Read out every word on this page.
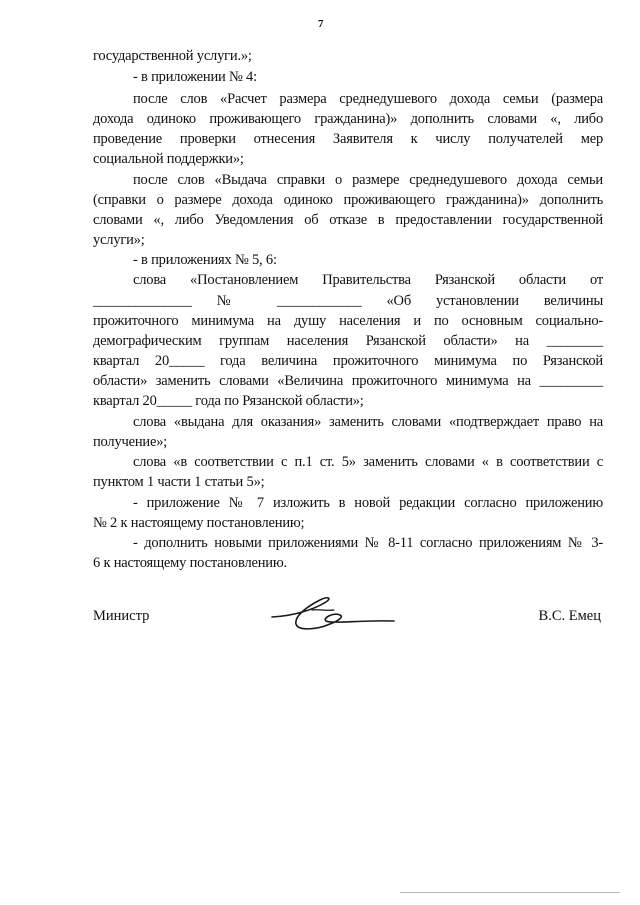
7
государственной услуги.»;
- в приложении № 4:
после слов «Расчет размера среднедушевого дохода семьи (размера
дохода одиноко проживающего гражданина)» дополнить словами «, либо
проведение проверки отнесения Заявителя к числу получателей мер
социальной поддержки»;
после слов «Выдача справки о размере среднедушевого дохода семьи
(справки о размере дохода одиноко проживающего гражданина)» дополнить
словами «, либо Уведомления об отказе в предоставлении государственной
услуги»;
- в приложениях № 5, 6:
слова «Постановлением Правительства Рязанской области от
______________ № ____________ «Об установлении величины
прожиточного минимума на душу населения и по основным социально-
демографическим группам населения Рязанской области» на ________
квартал 20_____ года величина прожиточного минимума по Рязанской
области» заменить словами «Величина прожиточного минимума на _________
квартал 20_____ года по Рязанской области»;
слова «выдана для оказания» заменить словами «подтверждает право на
получение»;
слова «в соответствии с п.1 ст. 5» заменить словами « в соответствии с
пунктом 1 части 1 статьи 5»;
- приложение № 7 изложить в новой редакции согласно приложению
№ 2 к настоящему постановлению;
- дополнить новыми приложениями № 8-11 согласно приложениям № 3-
6 к настоящему постановлению.
Министр	В.С. Емец
